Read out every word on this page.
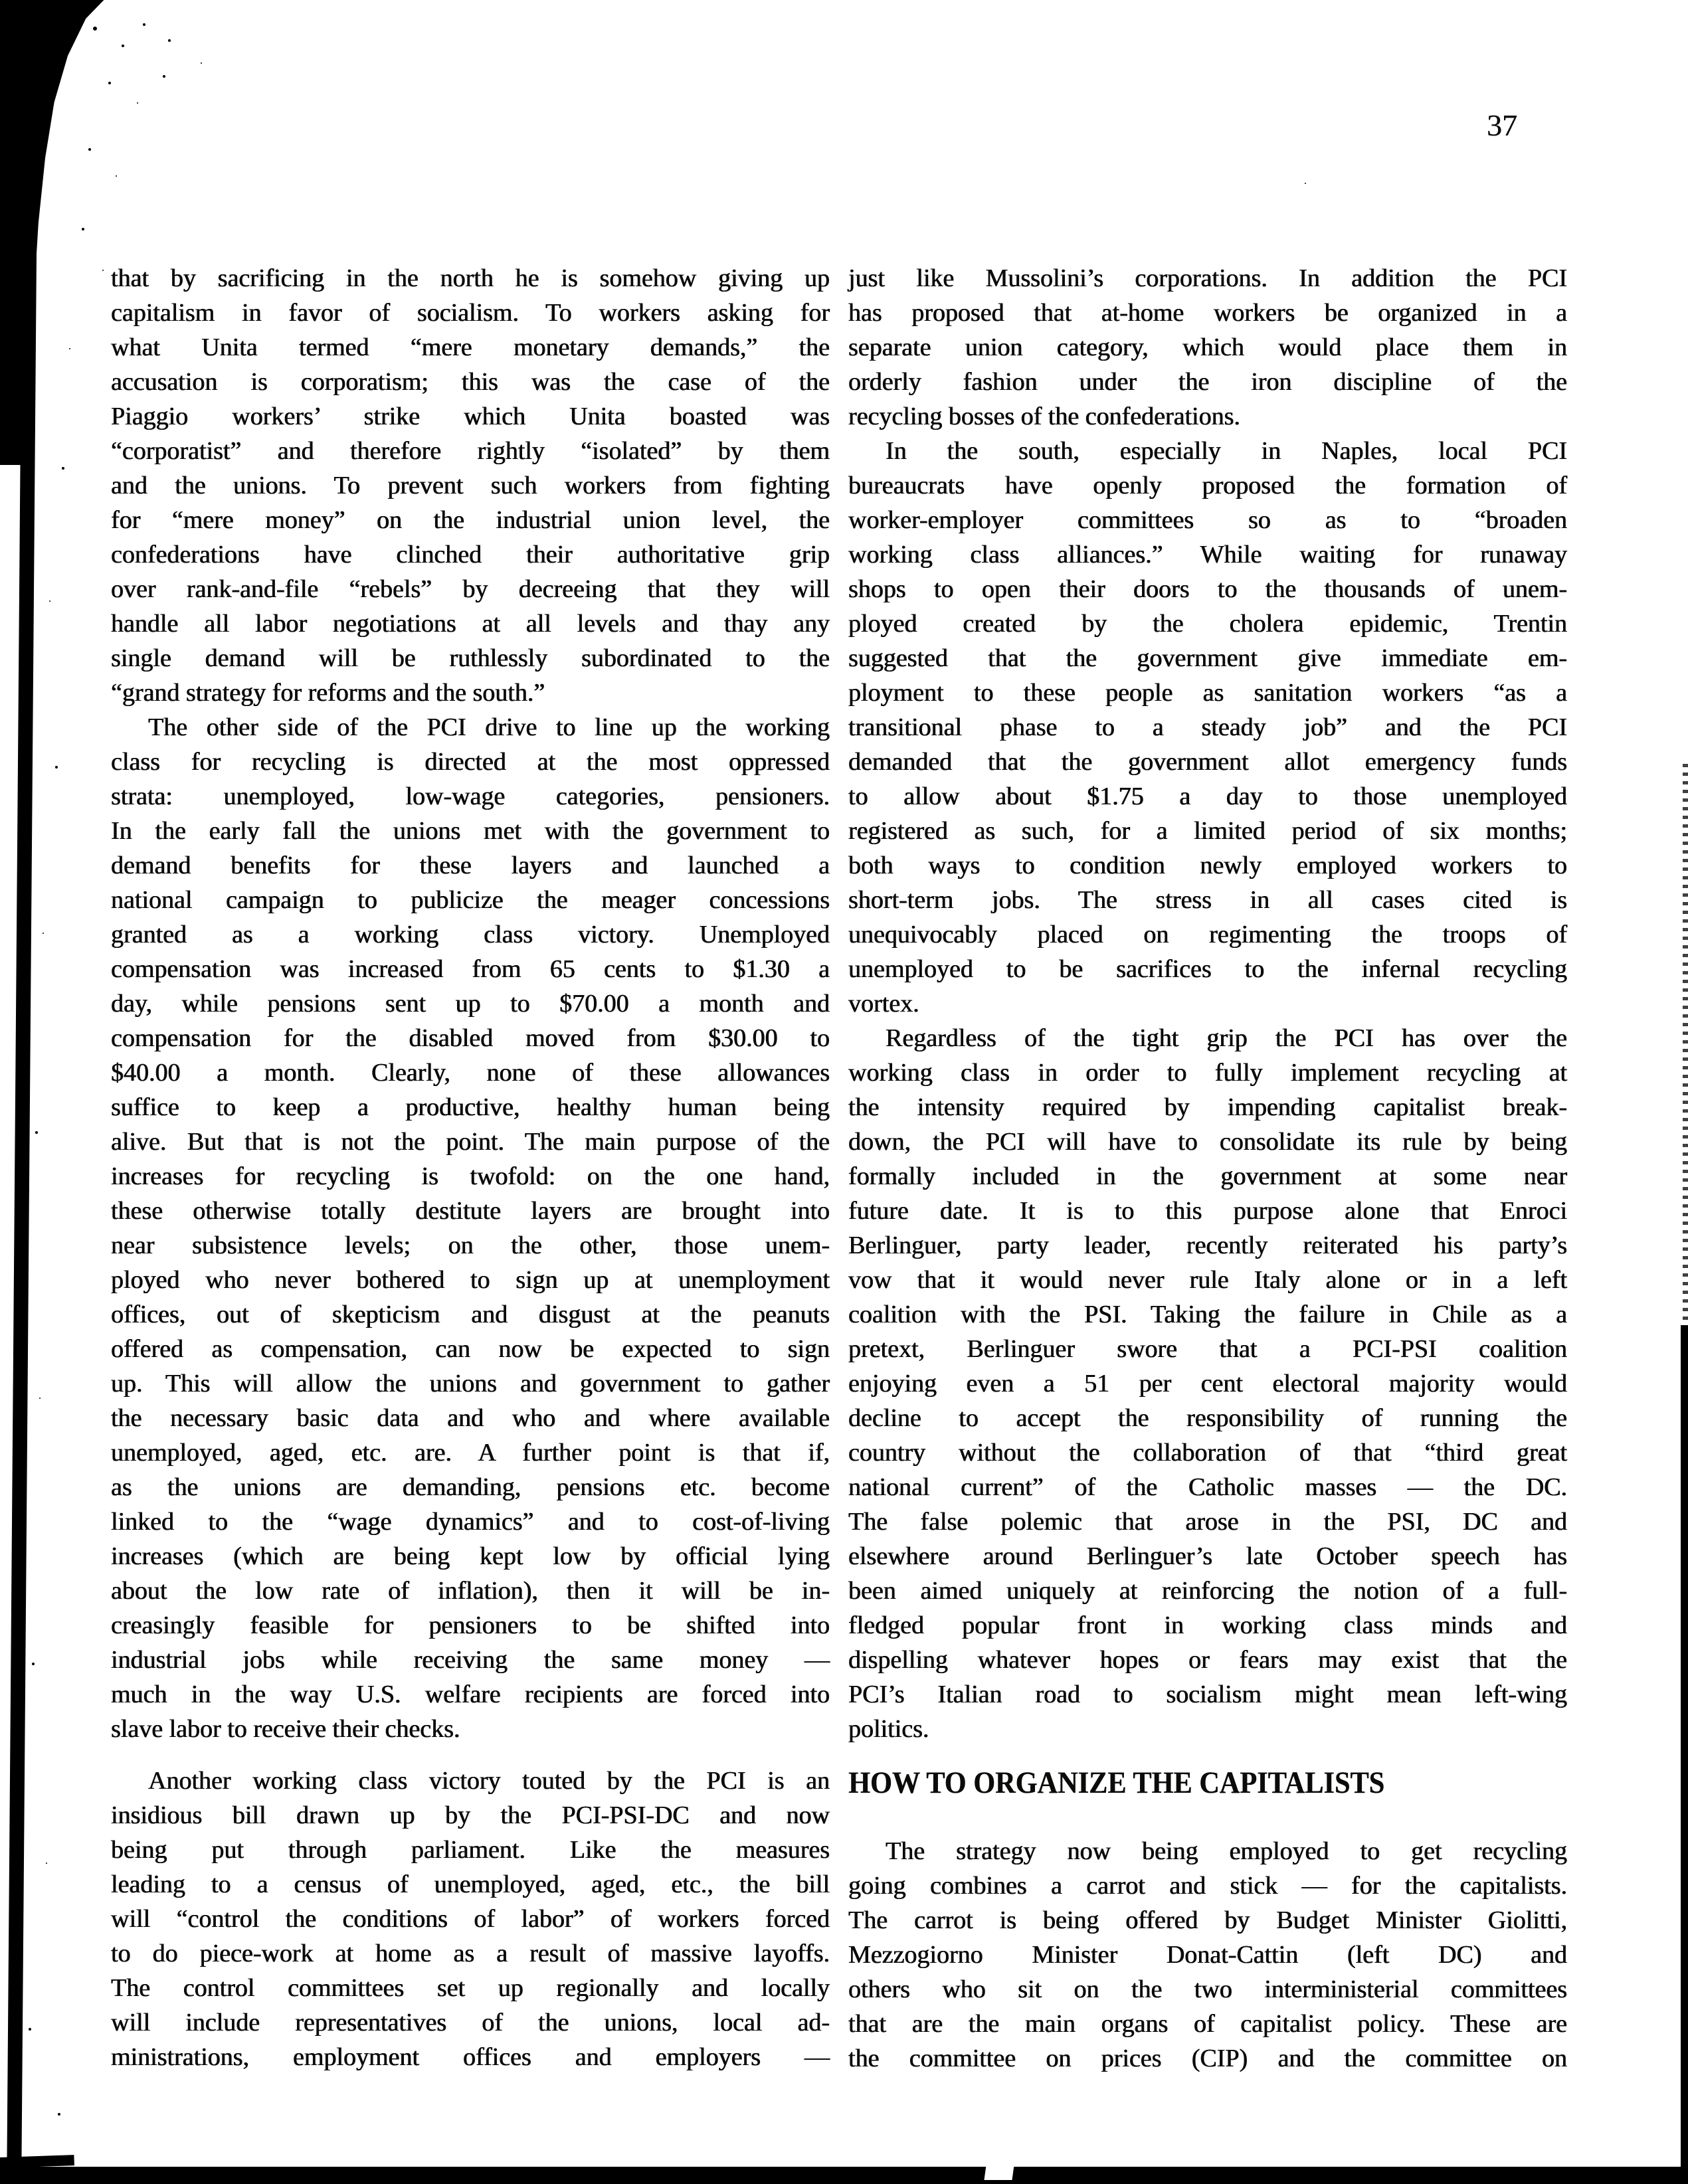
37
that by sacrificing in the north he is somehow giving up
capitalism in favor of socialism. To workers asking for
what Unita termed “mere monetary demands,” the
accusation is corporatism; this was the case of the
Piaggio workers’ strike which Unita boasted was
“corporatist” and therefore rightly “isolated” by them
and the unions. To prevent such workers from fighting
for “mere money” on the industrial union level, the
confederations have clinched their authoritative grip
over rank-and-file “rebels” by decreeing that they will
handle all labor negotiations at all levels and thay any
single demand will be ruthlessly subordinated to the
“grand strategy for reforms and the south.”
The other side of the PCI drive to line up the working
class for recycling is directed at the most oppressed
strata: unemployed, low-wage categories, pensioners.
In the early fall the unions met with the government to
demand benefits for these layers and launched a
national campaign to publicize the meager concessions
granted as a working class victory. Unemployed
compensation was increased from 65 cents to $1.30 a
day, while pensions sent up to $70.00 a month and
compensation for the disabled moved from $30.00 to
$40.00 a month. Clearly, none of these allowances
suffice to keep a productive, healthy human being
alive. But that is not the point. The main purpose of the
increases for recycling is twofold: on the one hand,
these otherwise totally destitute layers are brought into
near subsistence levels; on the other, those unem-
ployed who never bothered to sign up at unemployment
offices, out of skepticism and disgust at the peanuts
offered as compensation, can now be expected to sign
up. This will allow the unions and government to gather
the necessary basic data and who and where available
unemployed, aged, etc. are. A further point is that if,
as the unions are demanding, pensions etc. become
linked to the “wage dynamics” and to cost-of-living
increases (which are being kept low by official lying
about the low rate of inflation), then it will be in-
creasingly feasible for pensioners to be shifted into
industrial jobs while receiving the same money —
much in the way U.S. welfare recipients are forced into
slave labor to receive their checks.
Another working class victory touted by the PCI is an
insidious bill drawn up by the PCI-PSI-DC and now
being put through parliament. Like the measures
leading to a census of unemployed, aged, etc., the bill
will “control the conditions of labor” of workers forced
to do piece-work at home as a result of massive layoffs.
The control committees set up regionally and locally
will include representatives of the unions, local ad-
ministrations, employment offices and employers —
just like Mussolini’s corporations. In addition the PCI
has proposed that at-home workers be organized in a
separate union category, which would place them in
orderly fashion under the iron discipline of the
recycling bosses of the confederations.
In the south, especially in Naples, local PCI
bureaucrats have openly proposed the formation of
worker-employer committees so as to “broaden
working class alliances.” While waiting for runaway
shops to open their doors to the thousands of unem-
ployed created by the cholera epidemic, Trentin
suggested that the government give immediate em-
ployment to these people as sanitation workers “as a
transitional phase to a steady job” and the PCI
demanded that the government allot emergency funds
to allow about $1.75 a day to those unemployed
registered as such, for a limited period of six months;
both ways to condition newly employed workers to
short-term jobs. The stress in all cases cited is
unequivocably placed on regimenting the troops of
unemployed to be sacrifices to the infernal recycling
vortex.
Regardless of the tight grip the PCI has over the
working class in order to fully implement recycling at
the intensity required by impending capitalist break-
down, the PCI will have to consolidate its rule by being
formally included in the government at some near
future date. It is to this purpose alone that Enroci
Berlinguer, party leader, recently reiterated his party’s
vow that it would never rule Italy alone or in a left
coalition with the PSI. Taking the failure in Chile as a
pretext, Berlinguer swore that a PCI-PSI coalition
enjoying even a 51 per cent electoral majority would
decline to accept the responsibility of running the
country without the collaboration of that “third great
national current” of the Catholic masses — the DC.
The false polemic that arose in the PSI, DC and
elsewhere around Berlinguer’s late October speech has
been aimed uniquely at reinforcing the notion of a full-
fledged popular front in working class minds and
dispelling whatever hopes or fears may exist that the
PCI’s Italian road to socialism might mean left-wing
politics.
HOW TO ORGANIZE THE CAPITALISTS
The strategy now being employed to get recycling
going combines a carrot and stick — for the capitalists.
The carrot is being offered by Budget Minister Giolitti,
Mezzogiorno Minister Donat-Cattin (left DC) and
others who sit on the two interministerial committees
that are the main organs of capitalist policy. These are
the committee on prices (CIP) and the committee on
